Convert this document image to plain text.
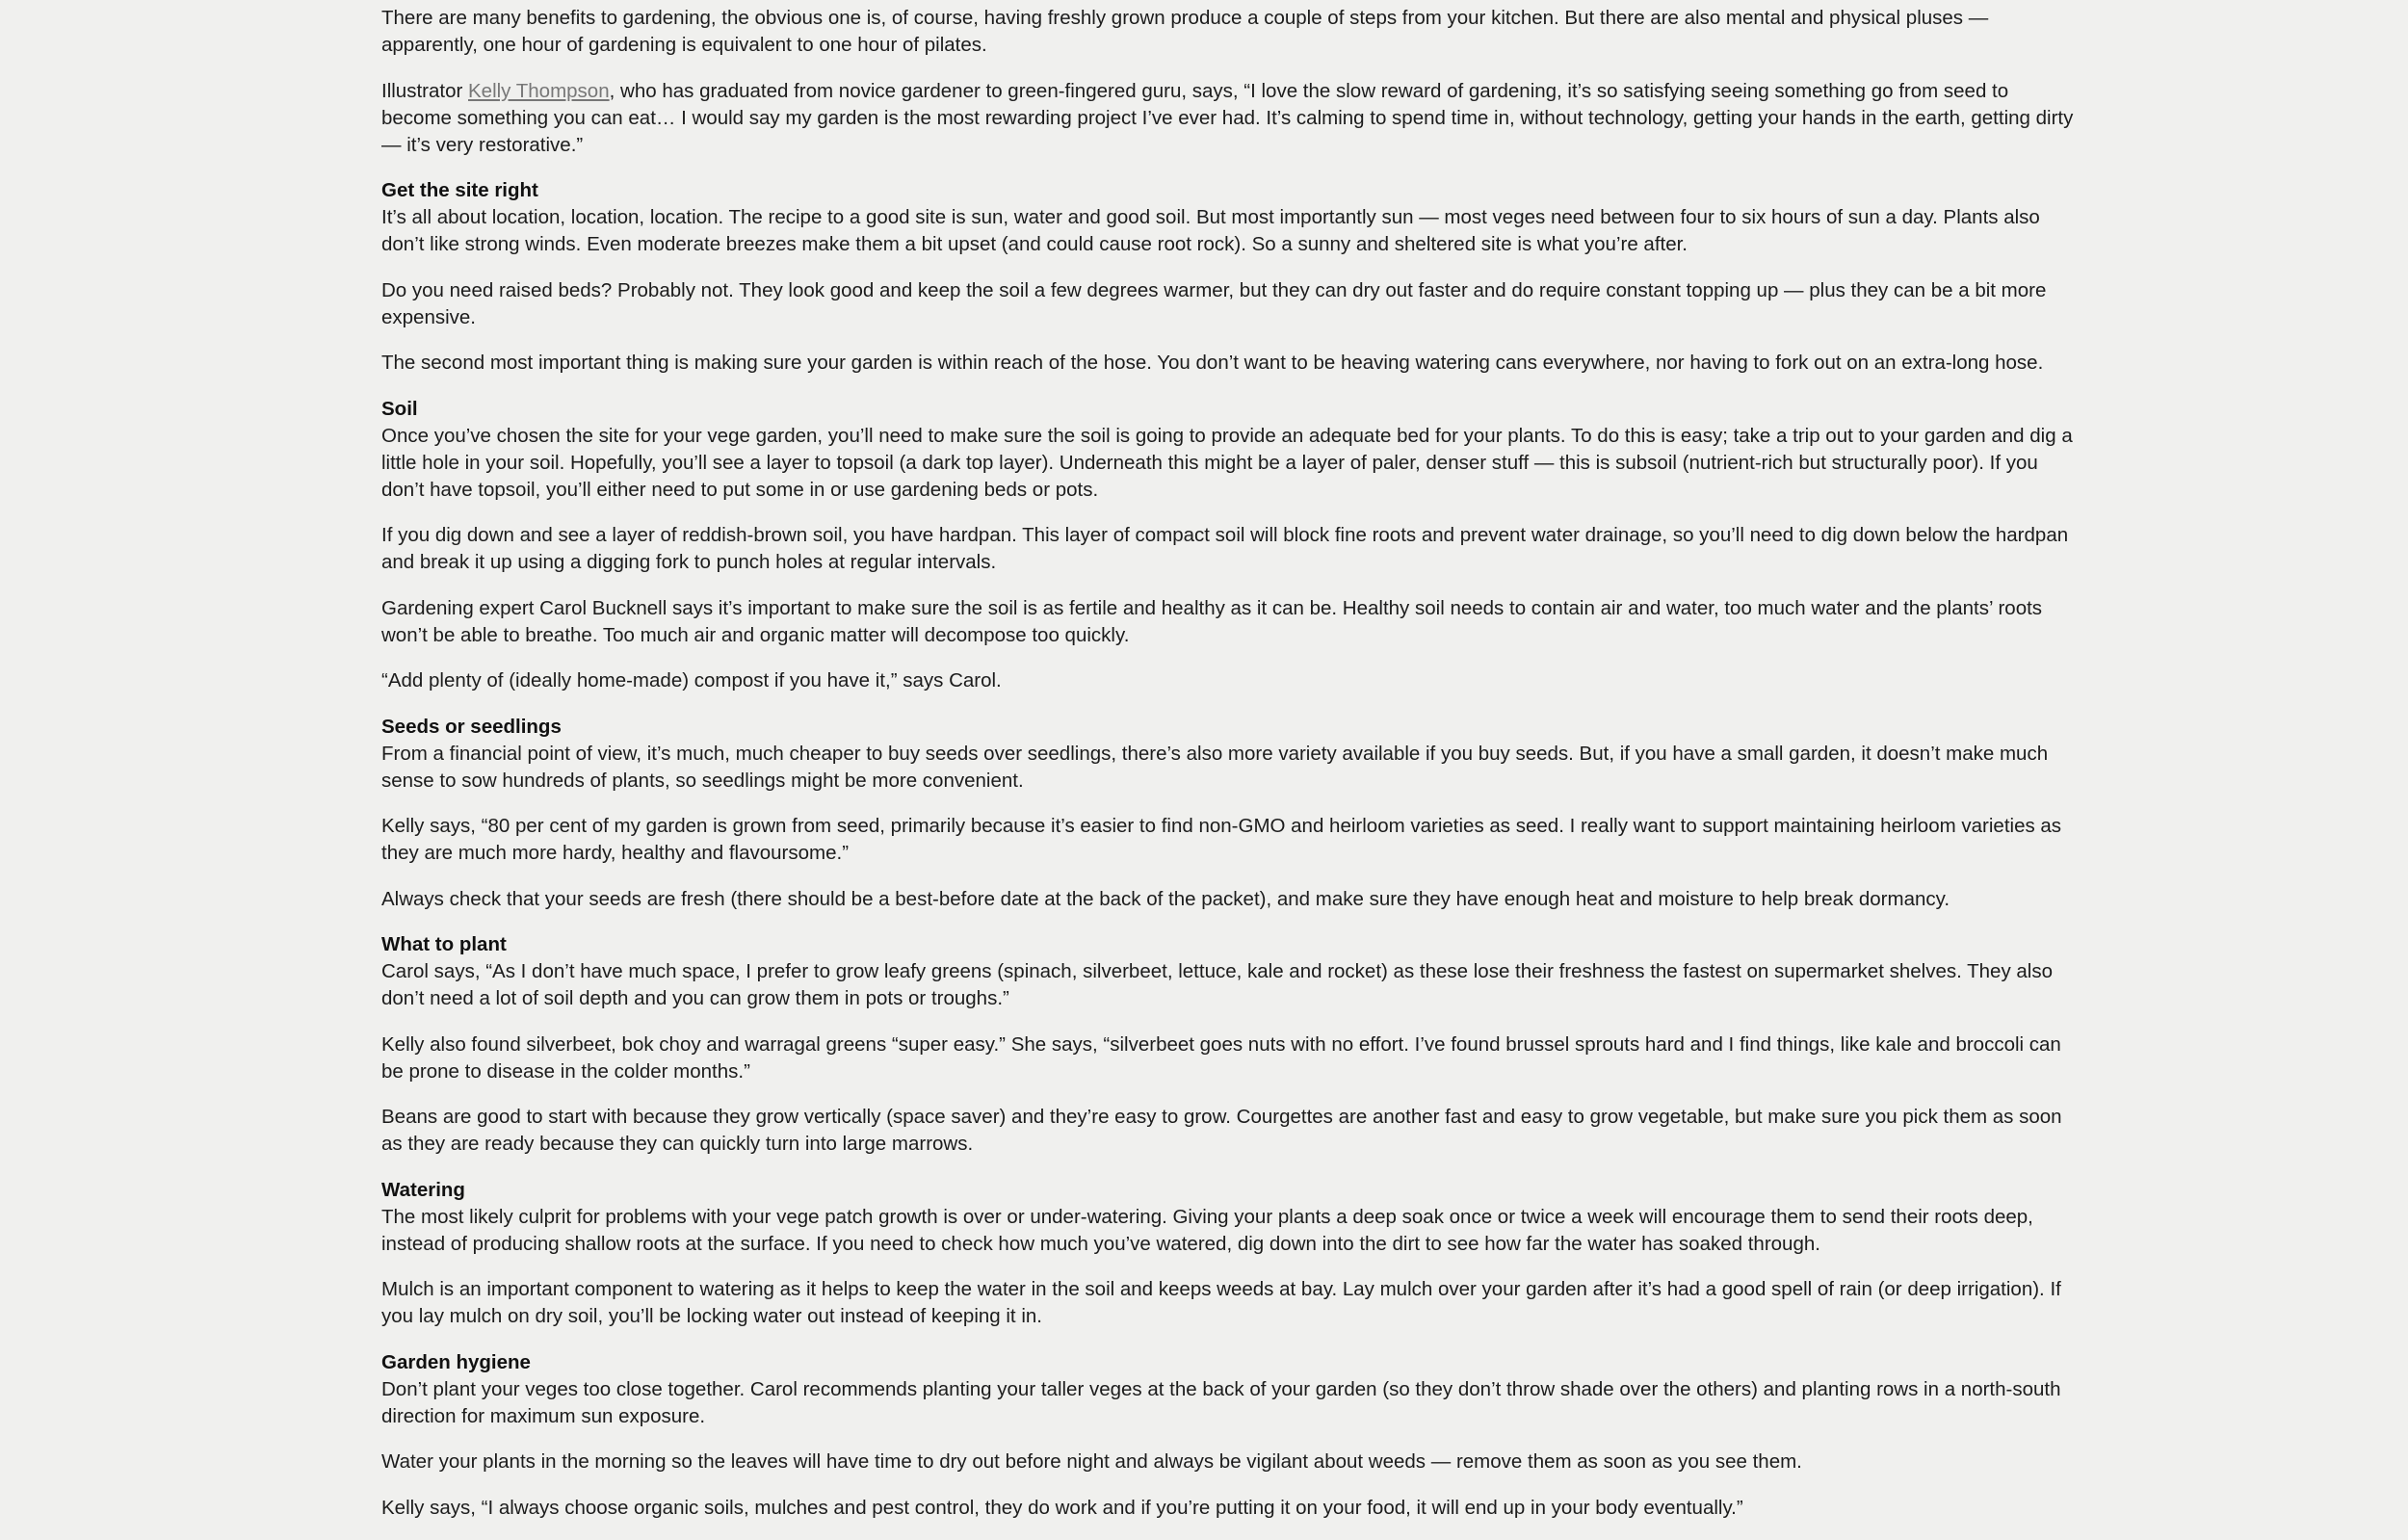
There are many benefits to gardening, the obvious one is, of course, having freshly grown produce a couple of steps from your kitchen. But there are also mental and physical pluses — apparently, one hour of gardening is equivalent to one hour of pilates.

Illustrator Kelly Thompson, who has graduated from novice gardener to green-fingered guru, says, “I love the slow reward of gardening, it’s so satisfying seeing something go from seed to become something you can eat… I would say my garden is the most rewarding project I’ve ever had. It’s calming to spend time in, without technology, getting your hands in the earth, getting dirty — it’s very restorative.”

Get the site right

It’s all about location, location, location. The recipe to a good site is sun, water and good soil. But most importantly sun — most veges need between four to six hours of sun a day. Plants also don’t like strong winds. Even moderate breezes make them a bit upset (and could cause root rock). So a sunny and sheltered site is what you’re after.

Do you need raised beds? Probably not. They look good and keep the soil a few degrees warmer, but they can dry out faster and do require constant topping up — plus they can be a bit more expensive.

The second most important thing is making sure your garden is within reach of the hose. You don’t want to be heaving watering cans everywhere, nor having to fork out on an extra-long hose.

Soil

Once you’ve chosen the site for your vege garden, you’ll need to make sure the soil is going to provide an adequate bed for your plants. To do this is easy; take a trip out to your garden and dig a little hole in your soil. Hopefully, you’ll see a layer to topsoil (a dark top layer). Underneath this might be a layer of paler, denser stuff — this is subsoil (nutrient-rich but structurally poor). If you don’t have topsoil, you’ll either need to put some in or use gardening beds or pots.

If you dig down and see a layer of reddish-brown soil, you have hardpan. This layer of compact soil will block fine roots and prevent water drainage, so you’ll need to dig down below the hardpan and break it up using a digging fork to punch holes at regular intervals.

Gardening expert Carol Bucknell says it’s important to make sure the soil is as fertile and healthy as it can be. Healthy soil needs to contain air and water, too much water and the plants’ roots won’t be able to breathe. Too much air and organic matter will decompose too quickly.

“Add plenty of (ideally home-made) compost if you have it,” says Carol.

Seeds or seedlings

From a financial point of view, it’s much, much cheaper to buy seeds over seedlings, there’s also more variety available if you buy seeds. But, if you have a small garden, it doesn’t make much sense to sow hundreds of plants, so seedlings might be more convenient.

Kelly says, “80 per cent of my garden is grown from seed, primarily because it’s easier to find non-GMO and heirloom varieties as seed. I really want to support maintaining heirloom varieties as they are much more hardy, healthy and flavoursome.”

Always check that your seeds are fresh (there should be a best-before date at the back of the packet), and make sure they have enough heat and moisture to help break dormancy.

What to plant

Carol says, “As I don’t have much space, I prefer to grow leafy greens (spinach, silverbeet, lettuce, kale and rocket) as these lose their freshness the fastest on supermarket shelves. They also don’t need a lot of soil depth and you can grow them in pots or troughs.”

Kelly also found silverbeet, bok choy and warragal greens “super easy.” She says, “silverbeet goes nuts with no effort. I’ve found brussel sprouts hard and I find things, like kale and broccoli can be prone to disease in the colder months.”

Beans are good to start with because they grow vertically (space saver) and they’re easy to grow. Courgettes are another fast and easy to grow vegetable, but make sure you pick them as soon as they are ready because they can quickly turn into large marrows.

Watering

The most likely culprit for problems with your vege patch growth is over or under-watering. Giving your plants a deep soak once or twice a week will encourage them to send their roots deep, instead of producing shallow roots at the surface. If you need to check how much you’ve watered, dig down into the dirt to see how far the water has soaked through.

Mulch is an important component to watering as it helps to keep the water in the soil and keeps weeds at bay. Lay mulch over your garden after it’s had a good spell of rain (or deep irrigation). If you lay mulch on dry soil, you’ll be locking water out instead of keeping it in.

Garden hygiene

Don’t plant your veges too close together. Carol recommends planting your taller veges at the back of your garden (so they don’t throw shade over the others) and planting rows in a north-south direction for maximum sun exposure.

Water your plants in the morning so the leaves will have time to dry out before night and always be vigilant about weeds — remove them as soon as you see them.

Kelly says, “I always choose organic soils, mulches and pest control, they do work and if you’re putting it on your food, it will end up in your body eventually.”
